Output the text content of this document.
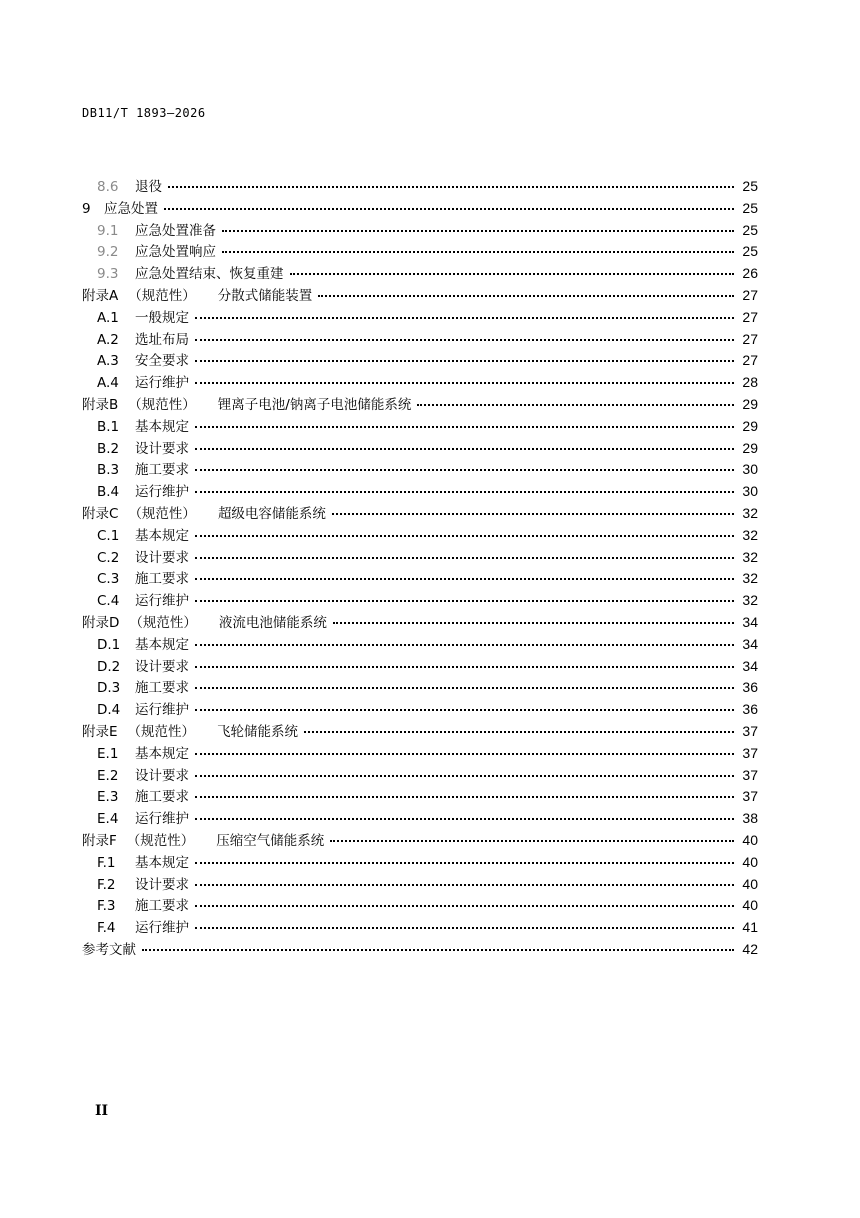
DB11/T 1893—2026
8.6	退役	25
9 应急处置	25
9.1	应急处置准备	25
9.2	应急处置响应	25
9.3	应急处置结束、恢复重建	26
附录A （规范性） 分散式储能装置	27
A.1	一般规定	27
A.2	选址布局	27
A.3	安全要求	27
A.4	运行维护	28
附录B （规范性） 锂离子电池/钠离子电池储能系统	29
B.1	基本规定	29
B.2	设计要求	29
B.3	施工要求	30
B.4	运行维护	30
附录C （规范性） 超级电容储能系统	32
C.1	基本规定	32
C.2	设计要求	32
C.3	施工要求	32
C.4	运行维护	32
附录D （规范性） 液流电池储能系统	34
D.1	基本规定	34
D.2	设计要求	34
D.3	施工要求	36
D.4	运行维护	36
附录E （规范性） 飞轮储能系统	37
E.1	基本规定	37
E.2	设计要求	37
E.3	施工要求	37
E.4	运行维护	38
附录F （规范性） 压缩空气储能系统	40
F.1	基本规定	40
F.2	设计要求	40
F.3	施工要求	40
F.4	运行维护	41
参考文献	42
II
